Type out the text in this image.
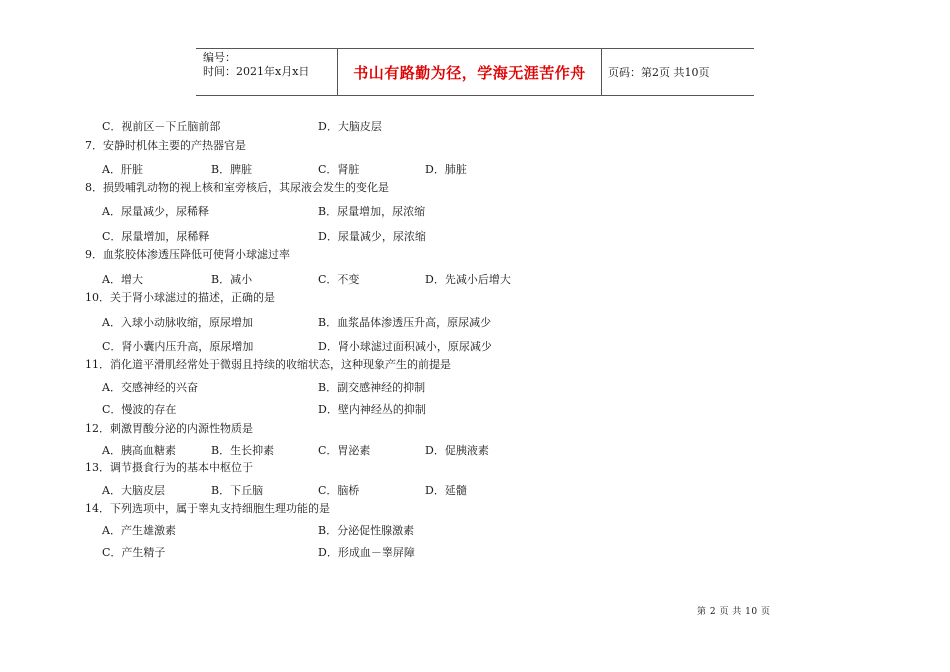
编号：
时间：2021年x月x日	书山有路勤为径，学海无涯苦作舟	页码：第2页 共10页
C．视前区－下丘脑前部	D．大脑皮层
7．安静时机体主要的产热器官是
A．肝脏	B．脾脏	C．肾脏	D．肺脏
8．损毁哺乳动物的视上核和室旁核后，其尿液会发生的变化是
A．尿量减少，尿稀释	B．尿量增加，尿浓缩
C．尿量增加，尿稀释	D．尿量减少，尿浓缩
9．血浆胶体渗透压降低可使肾小球滤过率
A．增大	B．减小	C．不变	D．先减小后增大
10．关于肾小球滤过的描述，正确的是
A．入球小动脉收缩，原尿增加	B．血浆晶体渗透压升高，原尿减少
C．肾小囊内压升高，原尿增加	D．肾小球滤过面积减小，原尿减少
11．消化道平滑肌经常处于微弱且持续的收缩状态，这种现象产生的前提是
A．交感神经的兴奋	B．副交感神经的抑制
C．慢波的存在	D．壁内神经丛的抑制
12．刺激胃酸分泌的内源性物质是
A．胰高血糖素	B．生长抑素	C．胃泌素	D．促胰液素
13．调节摄食行为的基本中枢位于
A．大脑皮层	B．下丘脑	C．脑桥	D．延髓
14．下列选项中，属于睾丸支持细胞生理功能的是
A．产生雄激素	B．分泌促性腺激素
C．产生精子	D．形成血－睾屏障
第 2 页 共 10 页
